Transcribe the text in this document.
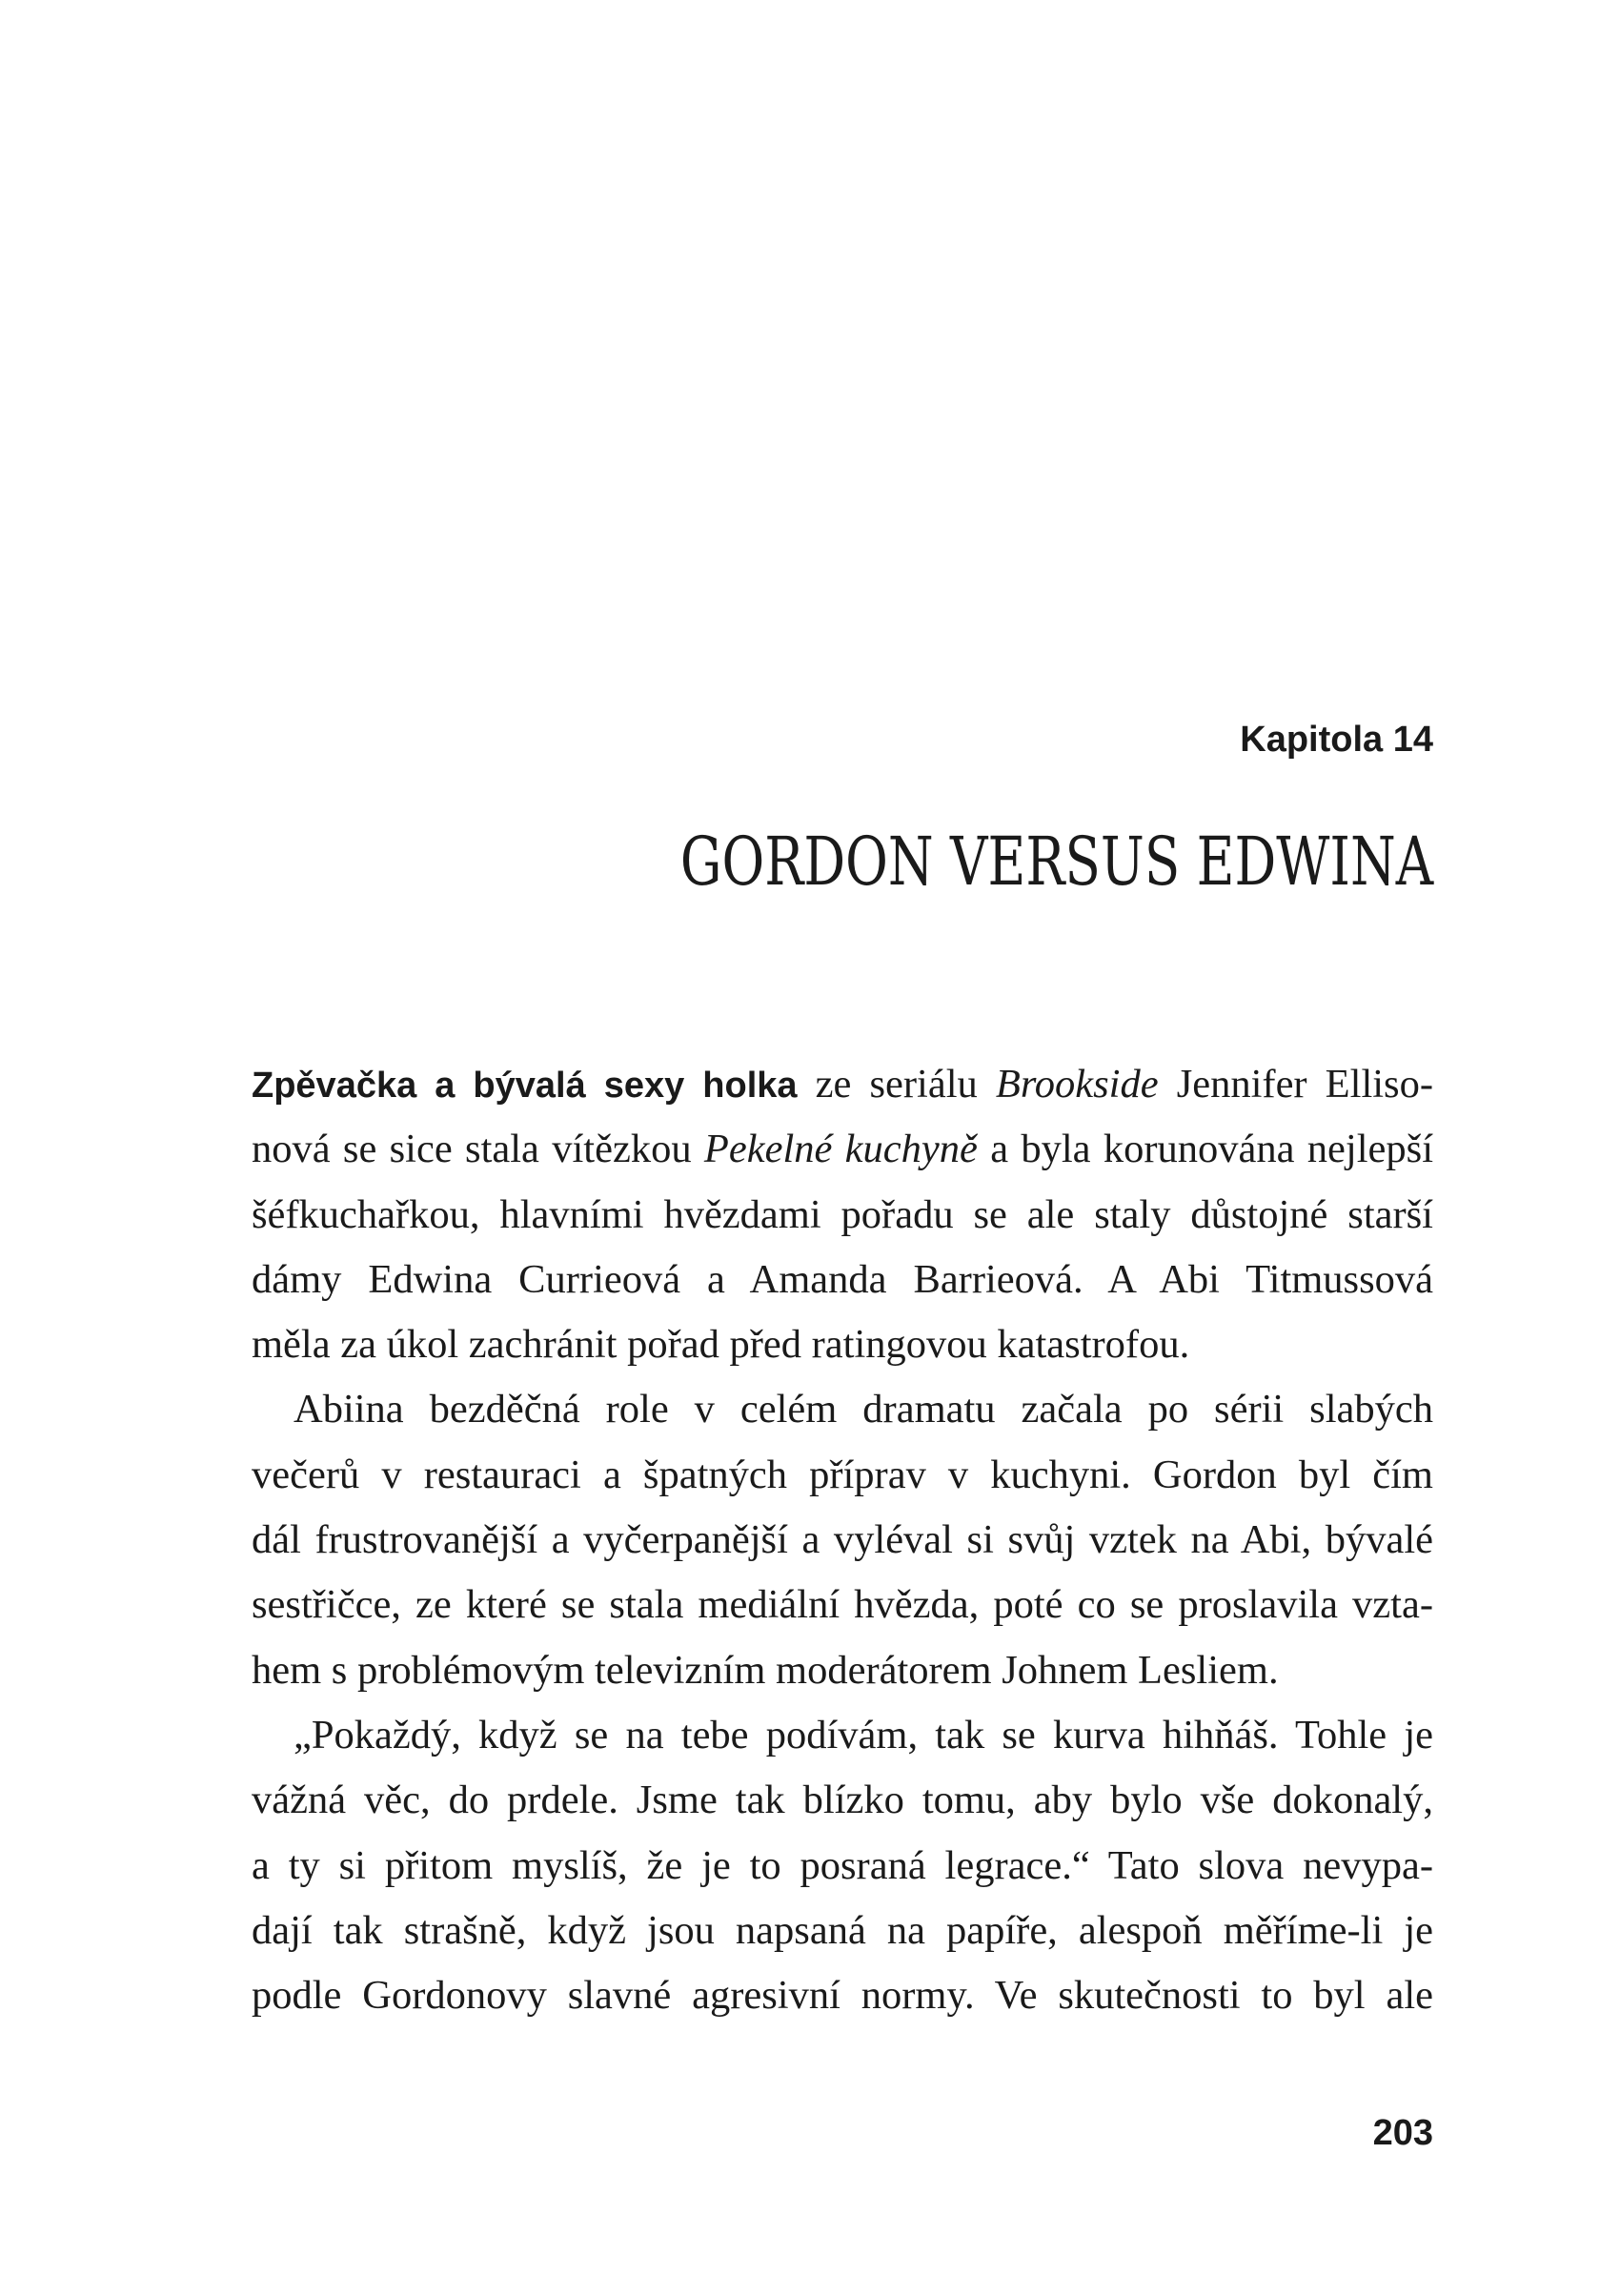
Kapitola 14
GORDON VERSUS EDWINA
Zpěvačka a bývalá sexy holka ze seriálu Brookside Jennifer Elliso-
nová se sice stala vítězkou Pekelné kuchyně a byla korunována nejlepší
šéfkuchařkou, hlavními hvězdami pořadu se ale staly důstojné starší
dámy Edwina Currieová a Amanda Barrieová. A Abi Titmussová
měla za úkol zachránit pořad před ratingovou katastrofou.
Abiina bezděčná role v celém dramatu začala po sérii slabých
večerů v restauraci a špatných příprav v kuchyni. Gordon byl čím
dál frustrovanější a vyčerpanější a vyléval si svůj vztek na Abi, bývalé
sestřičce, ze které se stala mediální hvězda, poté co se proslavila vzta-
hem s problémovým televizním moderátorem Johnem Lesliem.
„Pokaždý, když se na tebe podívám, tak se kurva hihňáš. Tohle je
vážná věc, do prdele. Jsme tak blízko tomu, aby bylo vše dokonalý,
a ty si přitom myslíš, že je to posraná legrace.“ Tato slova nevypa-
dají tak strašně, když jsou napsaná na papíře, alespoň měříme-li je
podle Gordonovy slavné agresivní normy. Ve skutečnosti to byl ale
203
